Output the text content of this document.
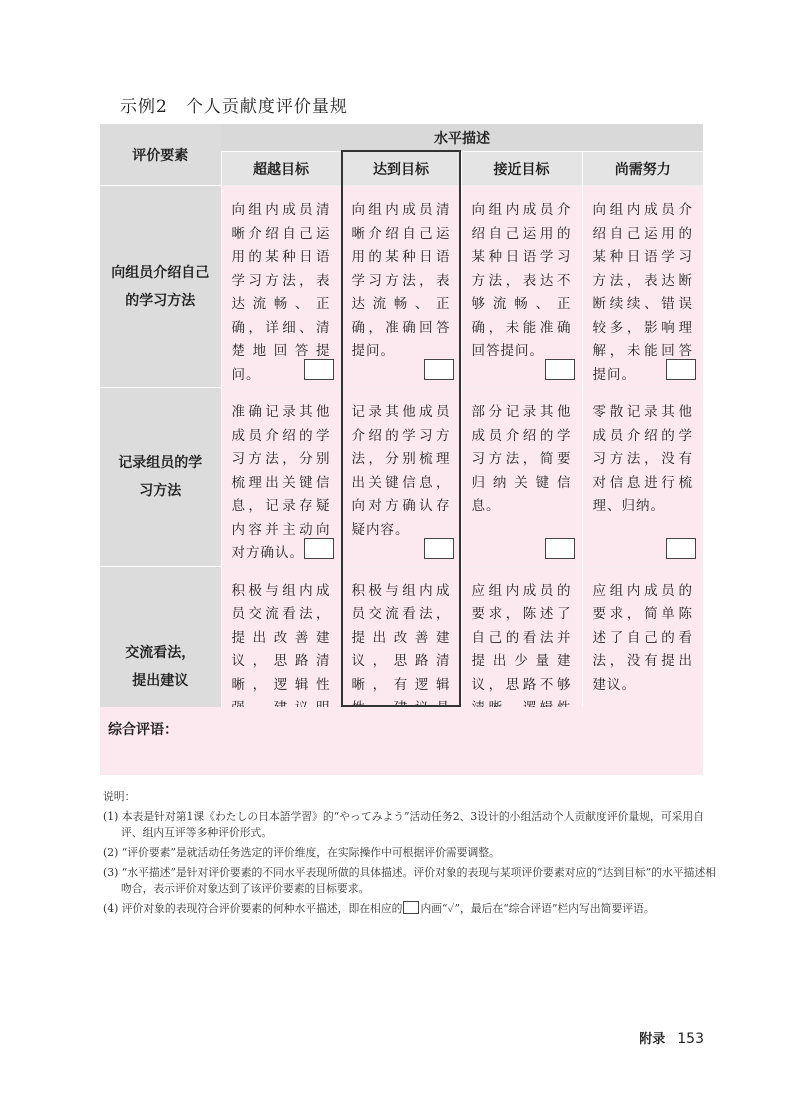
示例2　个人贡献度评价量规
评价要素	水平描述			
	超越目标	达到目标	接近目标	尚需努力

向组员介绍自己的学习方法	向组内成员清晰介绍自己运用的某种日语学习方法，表达流畅、正确，详细、清楚地回答提问。	向组内成员清晰介绍自己运用的某种日语学习方法，表达流畅、正确，准确回答提问。	向组内成员介绍自己运用的某种日语学习方法，表达不够流畅、正确，未能准确回答提问。	向组内成员介绍自己运用的某种日语学习方法，表达断断续续、错误较多，影响理解，未能回答提问。

记录组员的学习方法	准确记录其他成员介绍的学习方法，分别梳理出关键信息，记录存疑内容并主动向对方确认。	记录其他成员介绍的学习方法，分别梳理出关键信息，向对方确认存疑内容。	部分记录其他成员介绍的学习方法，简要归纳关键信息。	零散记录其他成员介绍的学习方法，没有对信息进行梳理、归纳。

交流看法，提出建议	积极与组内成员交流看法，提出改善建议，思路清晰，逻辑性	积极与组内成员交流看法，提出改善建议，思路清晰，有逻辑	应组内成员的要求，陈述了自己的看法并提出少量建议，思路不够	应组内成员的要求，简单陈述了自己的看法，没有提出建议。
综合评语：

说明：

(1) 本表是针对第1课《わたしの日本語学習》的“やってみよう”活动任务2、3设计的小组活动个人贡献度评价量规，可采用自评、组内互评等多种评价形式。

(2) “评价要素”是就活动任务选定的评价维度，在实际操作中可根据评价需要调整。

(3) “水平描述”是针对评价要素的不同水平表现所做的具体描述。评价对象的表现与某项评价要素对应的“达到目标”的水平描述相吻合，表示评价对象达到了该评价要素的目标要求。

(4) 评价对象的表现符合评价要素的何种水平描述，即在相应的 内画“✓”，最后在“综合评语”栏内写出简要评语。

附录 153
